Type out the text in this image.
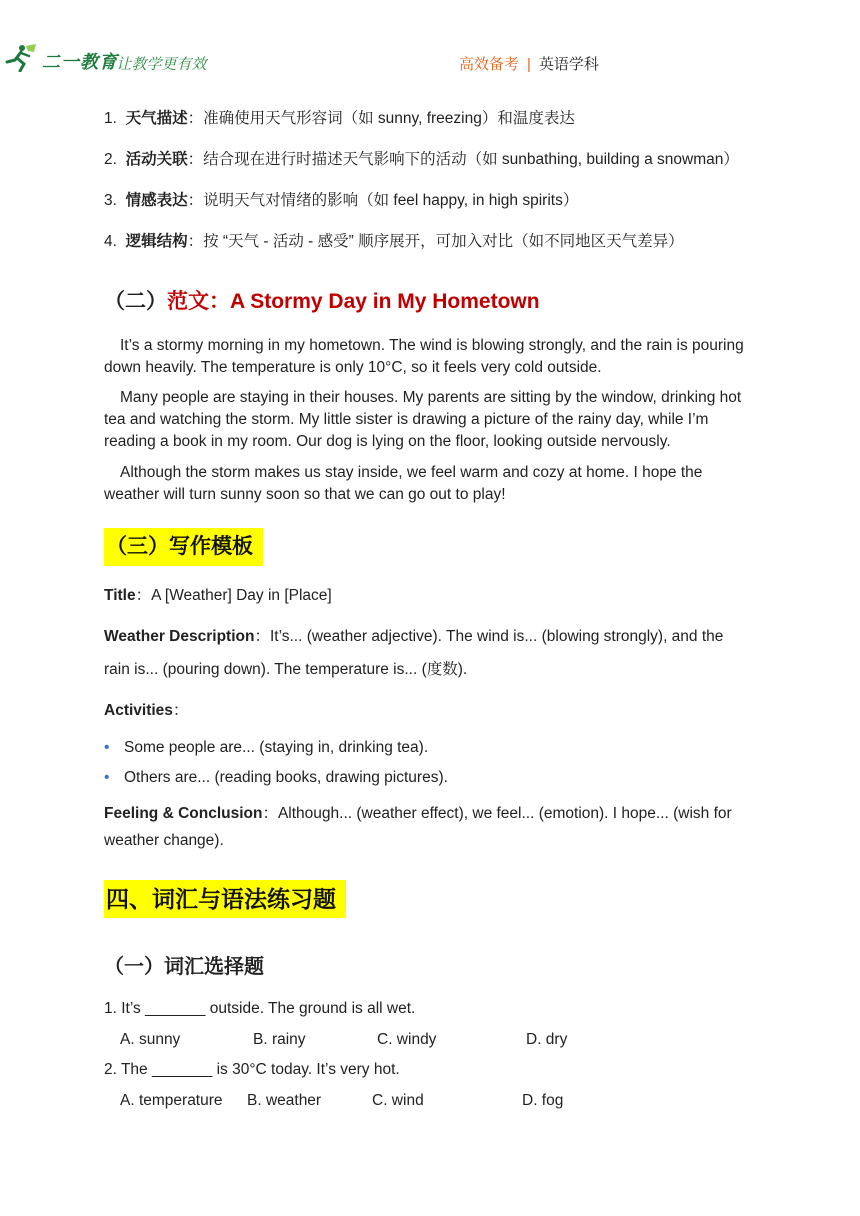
二一教育
/ 让教学更有效	高效备考 | 英语学科
1. 天气描述：准确使用天气形容词（如 sunny, freezing）和温度表达
2. 活动关联：结合现在进行时描述天气影响下的活动（如 sunbathing, building a snowman）
3. 情感表达：说明天气对情绪的影响（如 feel happy, in high spirits）
4. 逻辑结构：按 “天气 - 活动 - 感受” 顺序展开，可加入对比（如不同地区天气差异）
（二）范文：A Stormy Day in My Hometown

It’s a stormy morning in my hometown. The wind is blowing strongly, and the rain is pouring down heavily. The temperature is only 10°C, so it feels very cold outside.

Many people are staying in their houses. My parents are sitting by the window, drinking hot tea and watching the storm. My little sister is drawing a picture of the rainy day, while I’m reading a book in my room. Our dog is lying on the floor, looking outside nervously.

Although the storm makes us stay inside, we feel warm and cozy at home. I hope the weather will turn sunny soon so that we can go out to play!

（三）写作模板
Title：A [Weather] Day in [Place]
Weather Description：It’s... (weather adjective). The wind is... (blowing strongly), and the
rain is... (pouring down). The temperature is... (度数).
Activities：
• Some people are... (staying in, drinking tea).
• Others are... (reading books, drawing pictures).
Feeling & Conclusion：Although... (weather effect), we feel... (emotion). I hope... (wish for
weather change).
四、词汇与语法练习题
（一）词汇选择题
1. It’s _______ outside. The ground is all wet.
A. sunny	B. rainy	C. windy	D. dry
2. The _______ is 30°C today. It’s very hot.
A. temperature B. weather	C. wind	D. fog
